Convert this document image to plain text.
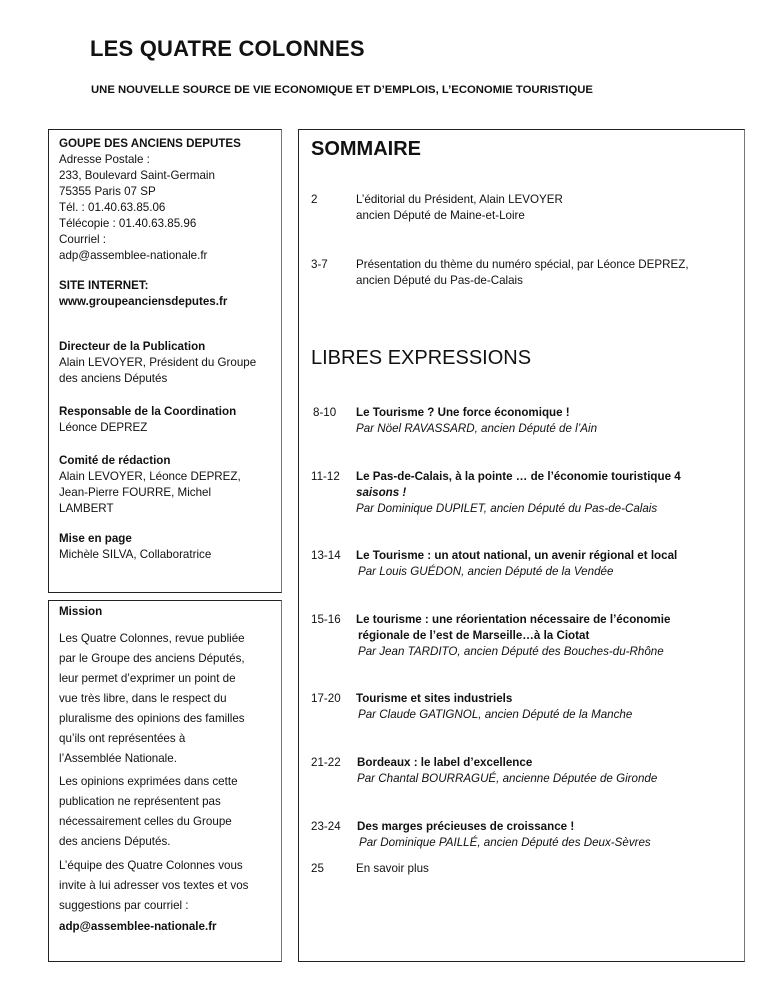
LES QUATRE COLONNES
UNE NOUVELLE SOURCE DE VIE ECONOMIQUE ET D’EMPLOIS, L’ECONOMIE TOURISTIQUE
GOUPE DES ANCIENS DEPUTES
Adresse Postale :
233, Boulevard Saint-Germain
75355 Paris 07 SP
Tél. : 01.40.63.85.06
Télécopie : 01.40.63.85.96
Courriel :
adp@assemblee-nationale.fr
SITE INTERNET:
www.groupeanciensdeputes.fr
Directeur de la Publication
Alain LEVOYER, Président du Groupe
des anciens Députés
Responsable de la Coordination
Léonce DEPREZ
Comité de rédaction
Alain LEVOYER, Léonce DEPREZ,
Jean-Pierre FOURRE, Michel
LAMBERT
Mise en page
Michèle SILVA, Collaboratrice
Mission
Les Quatre Colonnes, revue publiée
par le Groupe des anciens Députés,
leur permet d’exprimer un point de
vue très libre, dans le respect du
pluralisme des opinions des familles
qu’ils ont représentées à
l’Assemblée Nationale.
Les opinions exprimées dans cette
publication ne représentent pas
nécessairement celles du Groupe
des anciens Députés.
L’équipe des Quatre Colonnes vous
invite à lui adresser vos textes et vos
suggestions par courriel :
adp@assemblee-nationale.fr
SOMMAIRE
2	L’éditorial du Président, Alain LEVOYER
ancien Député de Maine-et-Loire
3-7	Présentation du thème du numéro spécial, par Léonce DEPREZ,
ancien Député du Pas-de-Calais
LIBRES EXPRESSIONS
8-10	Le Tourisme ? Une force économique !
Par Nöel RAVASSARD, ancien Député de l’Ain
11-12	Le Pas-de-Calais, à la pointe … de l’économie touristique 4
saisons !
Par Dominique DUPILET, ancien Député du Pas-de-Calais
13-14	Le Tourisme : un atout national, un avenir régional et local
Par Louis GUÉDON, ancien Député de la Vendée
15-16	Le tourisme : une réorientation nécessaire de l’économie
régionale de l’est de Marseille…à la Ciotat
Par Jean TARDITO, ancien Député des Bouches-du-Rhône
17-20	Tourisme et sites industriels
Par Claude GATIGNOL, ancien Député de la Manche
21-22	Bordeaux : le label d’excellence
Par Chantal BOURRAGUÉ, ancienne Députée de Gironde
23-24	Des marges précieuses de croissance !
Par Dominique PAILLÉ, ancien Député des Deux-Sèvres
25	En savoir plus
